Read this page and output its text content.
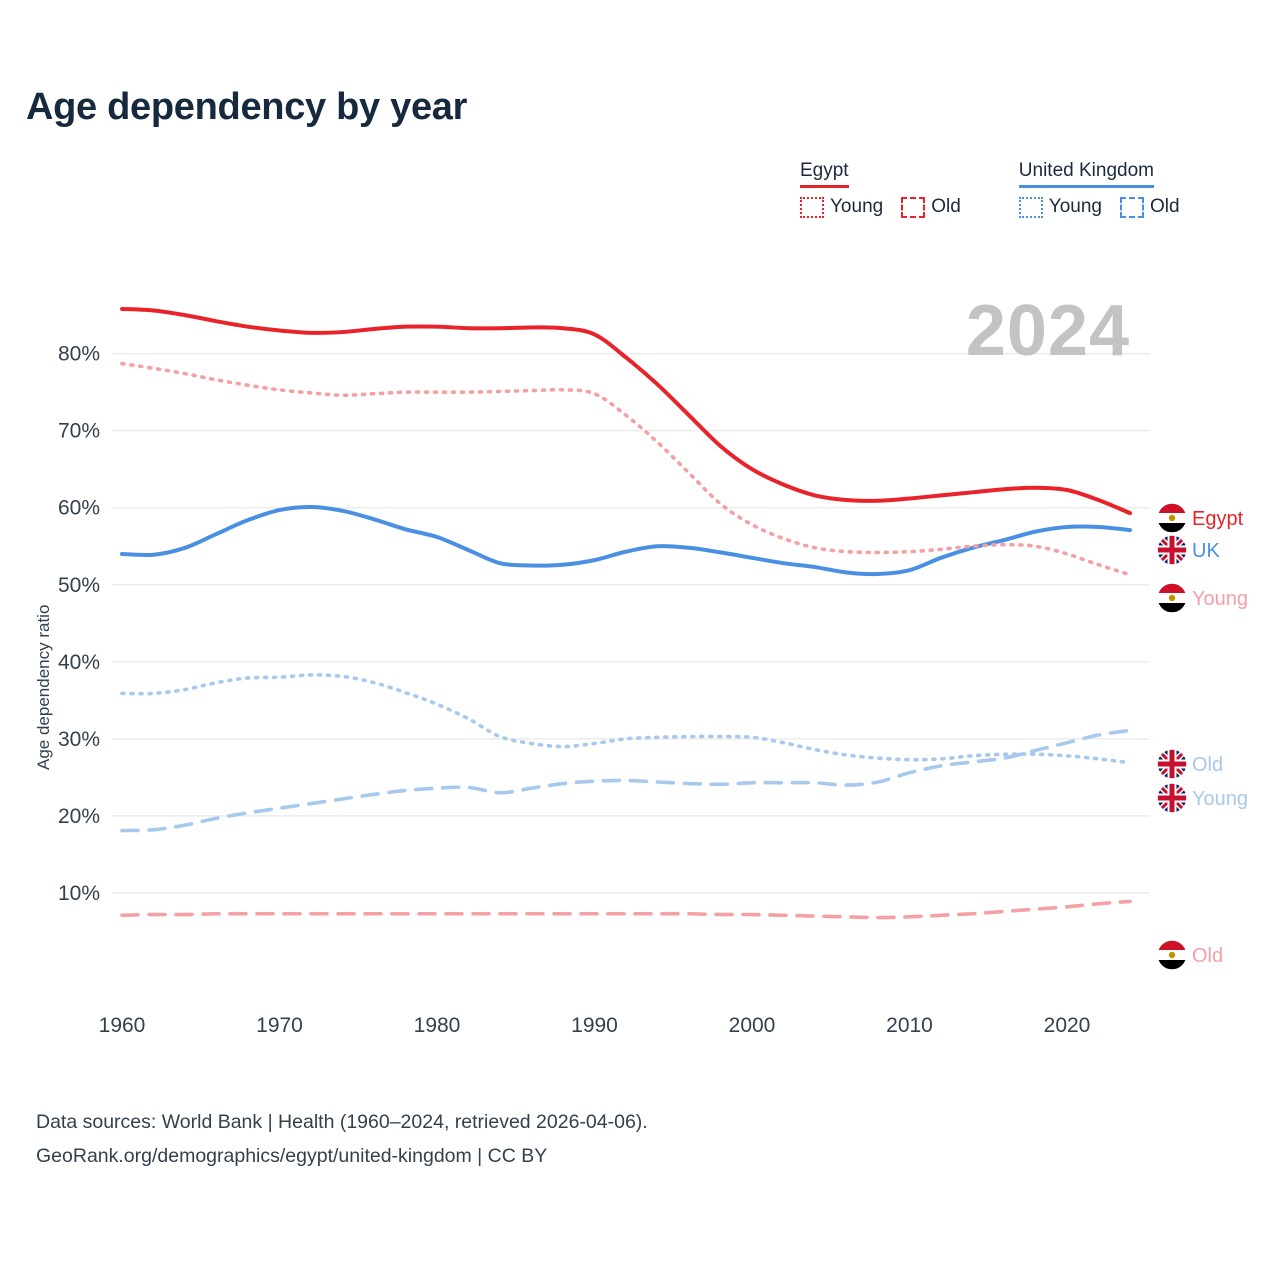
Age dependency by year
Egypt
Young	Old
United Kingdom
Young	Old
Age dependency ratio
2024
10%
20%
30%
40%
50%
60%
70%
80%
Egypt
UK
Young
Old
Young
Old
1960	1970	1980	1990	2000	2010	2020
Data sources: World Bank | Health (1960–2024, retrieved 2026-04-06).
GeoRank.org/demographics/egypt/united-kingdom | CC BY
